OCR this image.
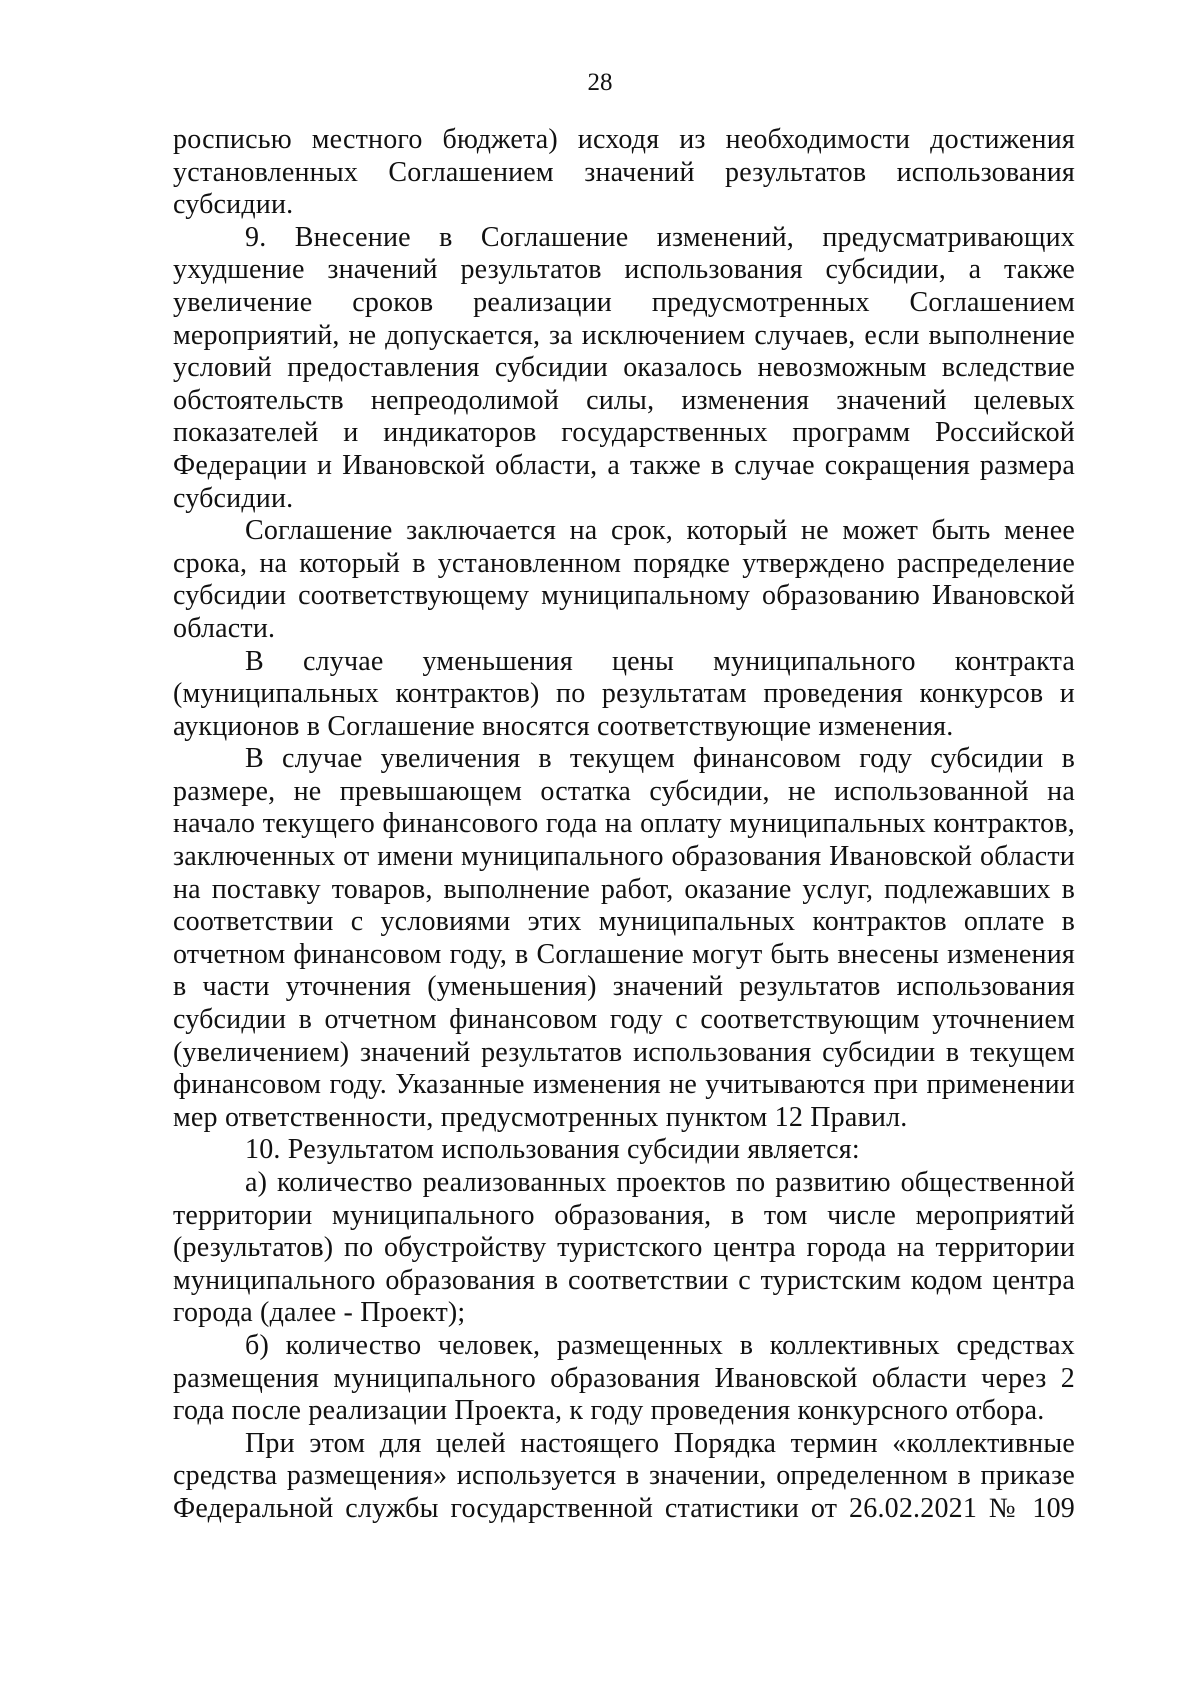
28

росписью местного бюджета) исходя из необходимости достижения установленных Соглашением значений результатов использования субсидии.

9. Внесение в Соглашение изменений, предусматривающих ухудшение значений результатов использования субсидии, а также увеличение сроков реализации предусмотренных Соглашением мероприятий, не допускается, за исключением случаев, если выполнение условий предоставления субсидии оказалось невозможным вследствие обстоятельств непреодолимой силы, изменения значений целевых показателей и индикаторов государственных программ Российской Федерации и Ивановской области, а также в случае сокращения размера субсидии.

Соглашение заключается на срок, который не может быть менее срока, на который в установленном порядке утверждено распределение субсидии соответствующему муниципальному образованию Ивановской области.

В случае уменьшения цены муниципального контракта (муниципальных контрактов) по результатам проведения конкурсов и аукционов в Соглашение вносятся соответствующие изменения.

В случае увеличения в текущем финансовом году субсидии в размере, не превышающем остатка субсидии, не использованной на начало текущего финансового года на оплату муниципальных контрактов, заключенных от имени муниципального образования Ивановской области на поставку товаров, выполнение работ, оказание услуг, подлежавших в соответствии с условиями этих муниципальных контрактов оплате в отчетном финансовом году, в Соглашение могут быть внесены изменения в части уточнения (уменьшения) значений результатов использования субсидии в отчетном финансовом году с соответствующим уточнением (увеличением) значений результатов использования субсидии в текущем финансовом году. Указанные изменения не учитываются при применении мер ответственности, предусмотренных пунктом 12 Правил.

10. Результатом использования субсидии является:

а) количество реализованных проектов по развитию общественной территории муниципального образования, в том числе мероприятий (результатов) по обустройству туристского центра города на территории муниципального образования в соответствии с туристским кодом центра города (далее - Проект);

б) количество человек, размещенных в коллективных средствах размещения муниципального образования Ивановской области через 2 года после реализации Проекта, к году проведения конкурсного отбора.

При этом для целей настоящего Порядка термин «коллективные средства размещения» используется в значении, определенном в приказе Федеральной службы государственной статистики от 26.02.2021 № 109
